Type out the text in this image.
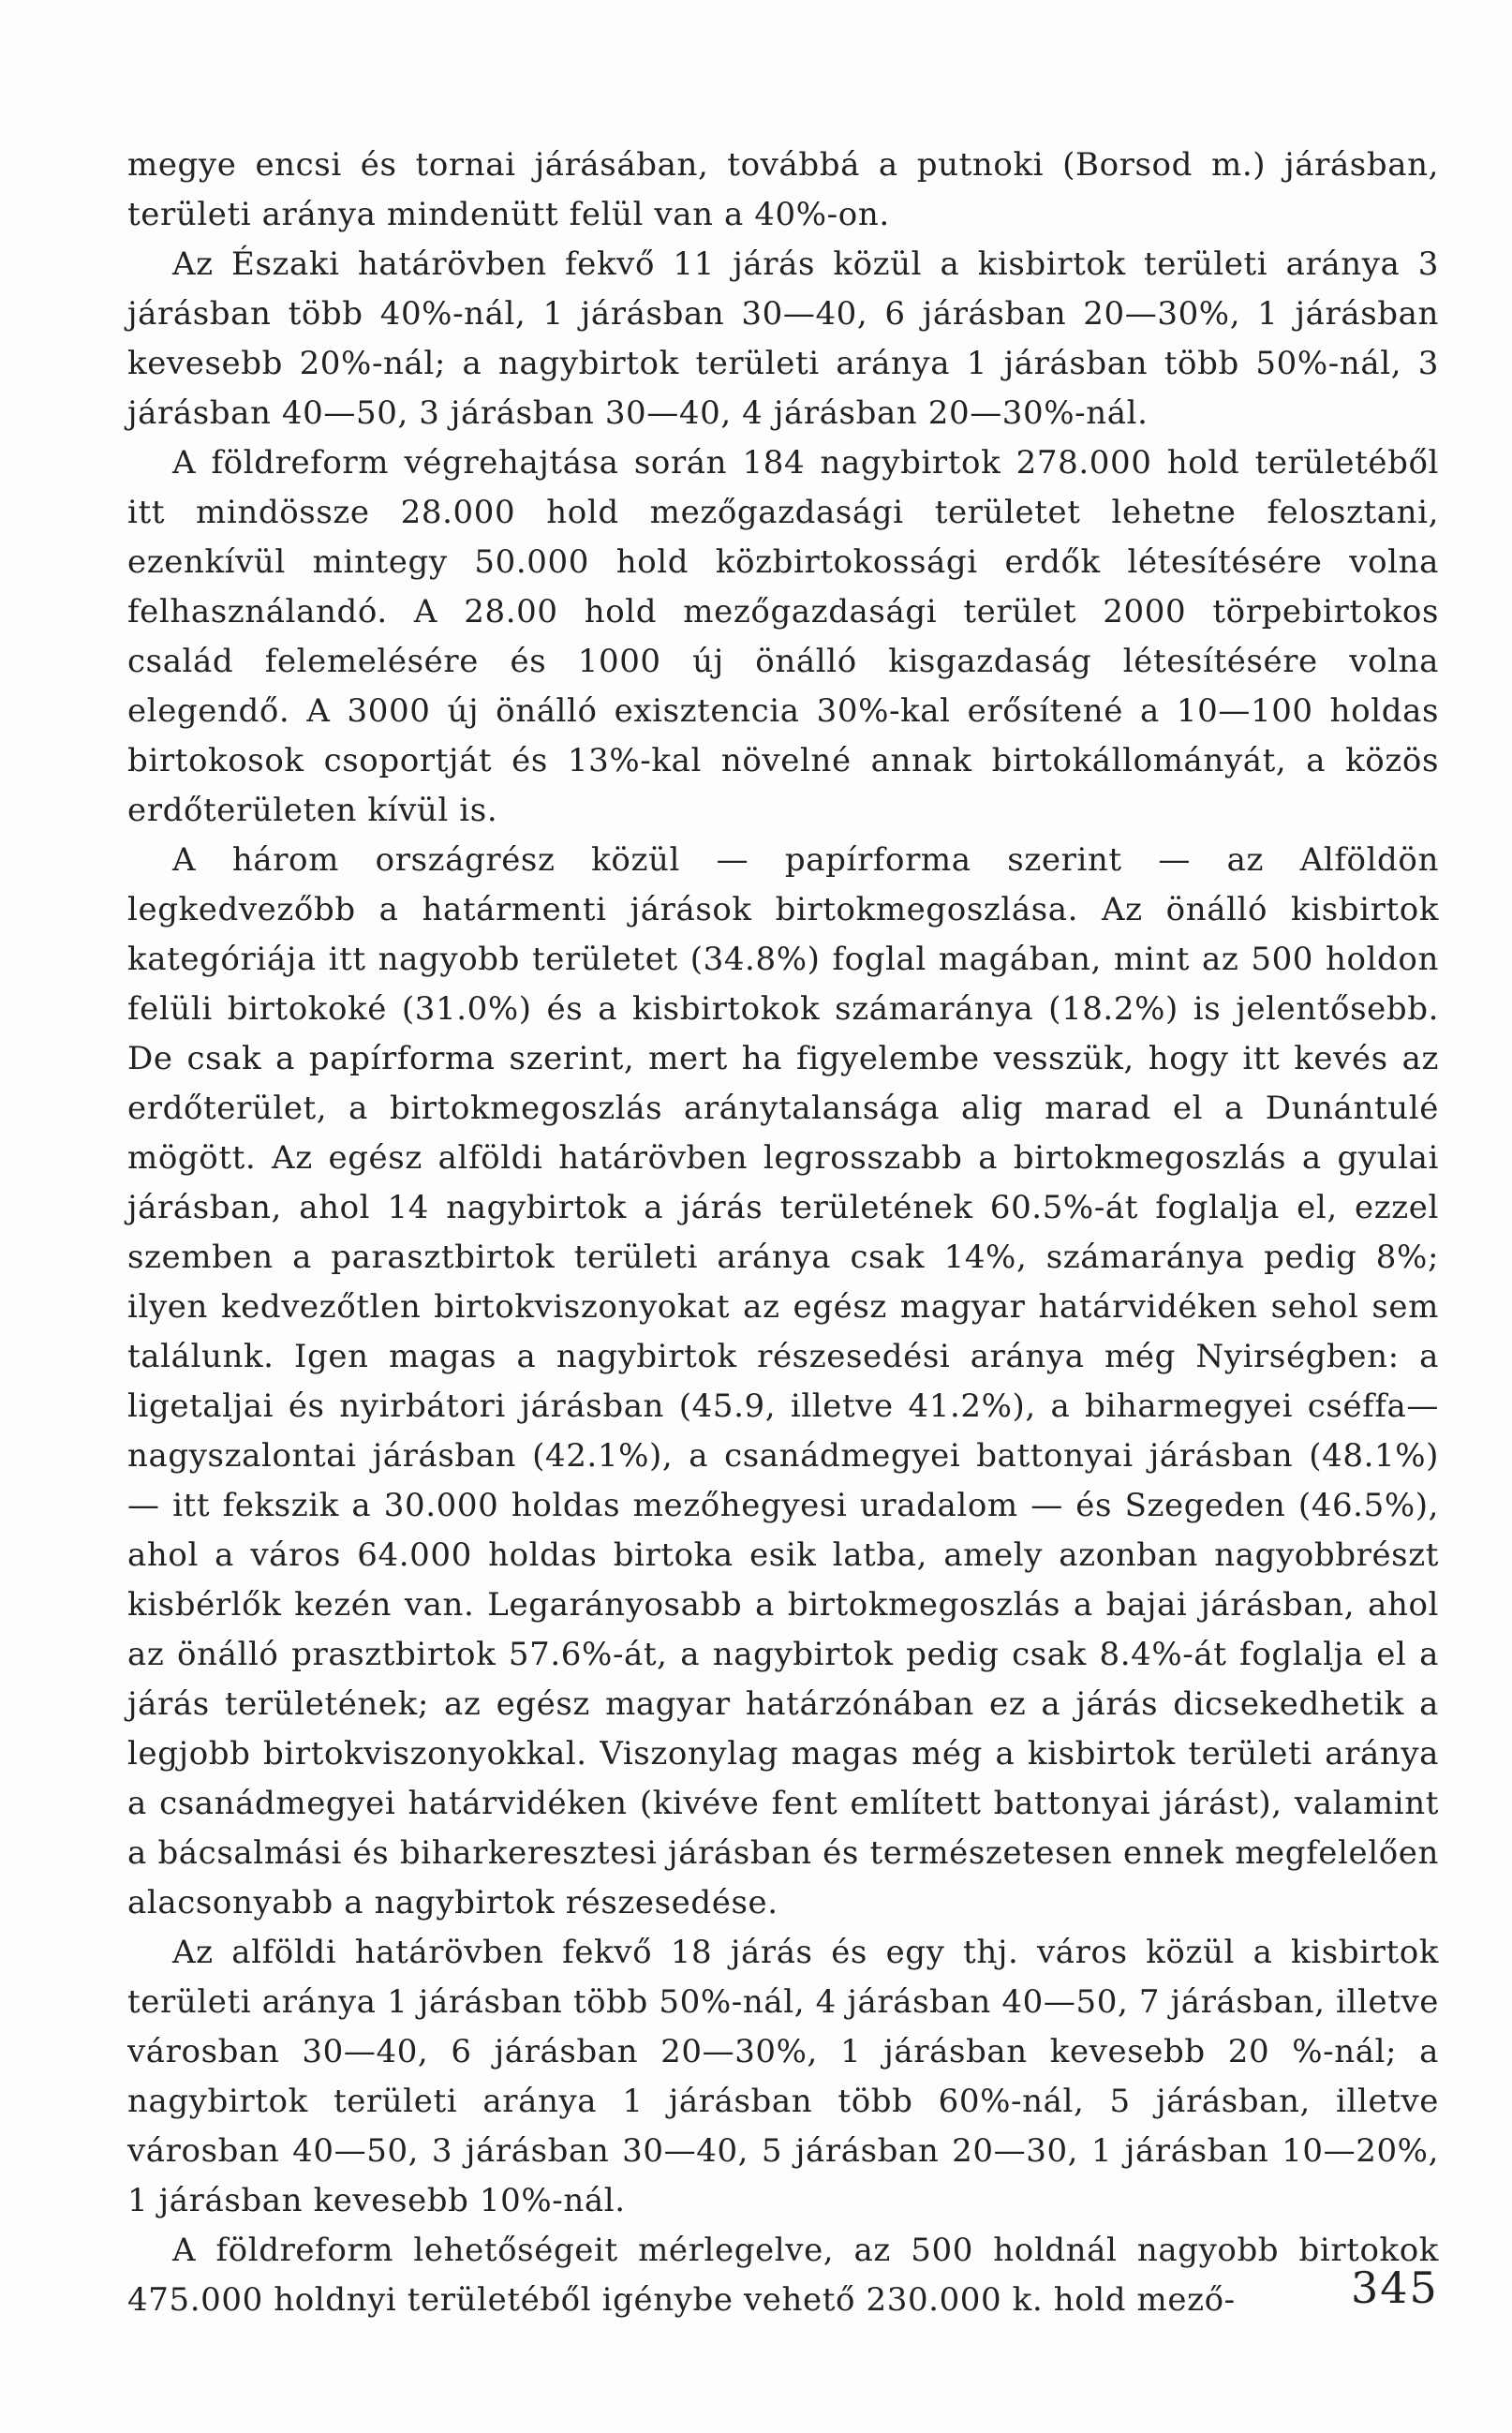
megye encsi és tornai járásában, továbbá a putnoki (Borsod m.) járásban, területi aránya mindenütt felül van a 40%-on.

Az Északi határövben fekvő 11 járás közül a kisbirtok területi aránya 3 járásban több 40%-nál, 1 járásban 30—40, 6 járásban 20—30%, 1 járásban kevesebb 20%-nál; a nagybirtok területi aránya 1 járásban több 50%-nál, 3 járásban 40—50, 3 járásban 30—40, 4 járásban 20—30%-nál.

A földreform végrehajtása során 184 nagybirtok 278.000 hold területéből itt mindössze 28.000 hold mezőgazdasági területet lehetne felosztani, ezenkívül mintegy 50.000 hold közbirtokossági erdők létesítésére volna felhasználandó. A 28.00 hold mezőgazdasági terület 2000 törpebirtokos család felemelésére és 1000 új önálló kisgazdaság létesítésére volna elegendő. A 3000 új önálló exisztencia 30%-kal erősítené a 10—100 holdas birtokosok csoportját és 13%-kal növelné annak birtokállományát, a közös erdőterületen kívül is.

A három országrész közül — papírforma szerint — az Alföldön legkedvezőbb a határmenti járások birtokmegoszlása. Az önálló kisbirtok kategóriája itt nagyobb területet (34.8%) foglal magában, mint az 500 holdon felüli birtokoké (31.0%) és a kisbirtokok számaránya (18.2%) is jelentősebb. De csak a papírforma szerint, mert ha figyelembe vesszük, hogy itt kevés az erdőterület, a birtokmegoszlás aránytalansága alig marad el a Dunántulé mögött. Az egész alföldi határövben legrosszabb a birtokmegoszlás a gyulai járásban, ahol 14 nagybirtok a járás területének 60.5%-át foglalja el, ezzel szemben a parasztbirtok területi aránya csak 14%, számaránya pedig 8%; ilyen kedvezőtlen birtokviszonyokat az egész magyar határvidéken sehol sem találunk. Igen magas a nagybirtok részesedési aránya még Nyirségben: a ligetaljai és nyirbátori járásban (45.9, illetve 41.2%), a biharmegyei cséffa—nagyszalontai járásban (42.1%), a csanádmegyei battonyai járásban (48.1%) — itt fekszik a 30.000 holdas mezőhegyesi uradalom — és Szegeden (46.5%), ahol a város 64.000 holdas birtoka esik latba, amely azonban nagyobbrészt kisbérlők kezén van. Legarányosabb a birtokmegoszlás a bajai járásban, ahol az önálló prasztbirtok 57.6%-át, a nagybirtok pedig csak 8.4%-át foglalja el a járás területének; az egész magyar határzónában ez a járás dicsekedhetik a legjobb birtokviszonyokkal. Viszonylag magas még a kisbirtok területi aránya a csanádmegyei határvidéken (kivéve fent említett battonyai járást), valamint a bácsalmási és biharkeresztesi járásban és természetesen ennek megfelelően alacsonyabb a nagybirtok részesedése.

Az alföldi határövben fekvő 18 járás és egy thj. város közül a kisbirtok területi aránya 1 járásban több 50%-nál, 4 járásban 40—50, 7 járásban, illetve városban 30—40, 6 járásban 20—30%, 1 járásban kevesebb 20 %-nál; a nagybirtok területi aránya 1 járásban több 60%-nál, 5 járásban, illetve városban 40—50, 3 járásban 30—40, 5 járásban 20—30, 1 járásban 10—20%, 1 járásban kevesebb 10%-nál.

A földreform lehetőségeit mérlegelve, az 500 holdnál nagyobb birtokok 475.000 holdnyi területéből igénybe vehető 230.000 k. hold mező-	345
